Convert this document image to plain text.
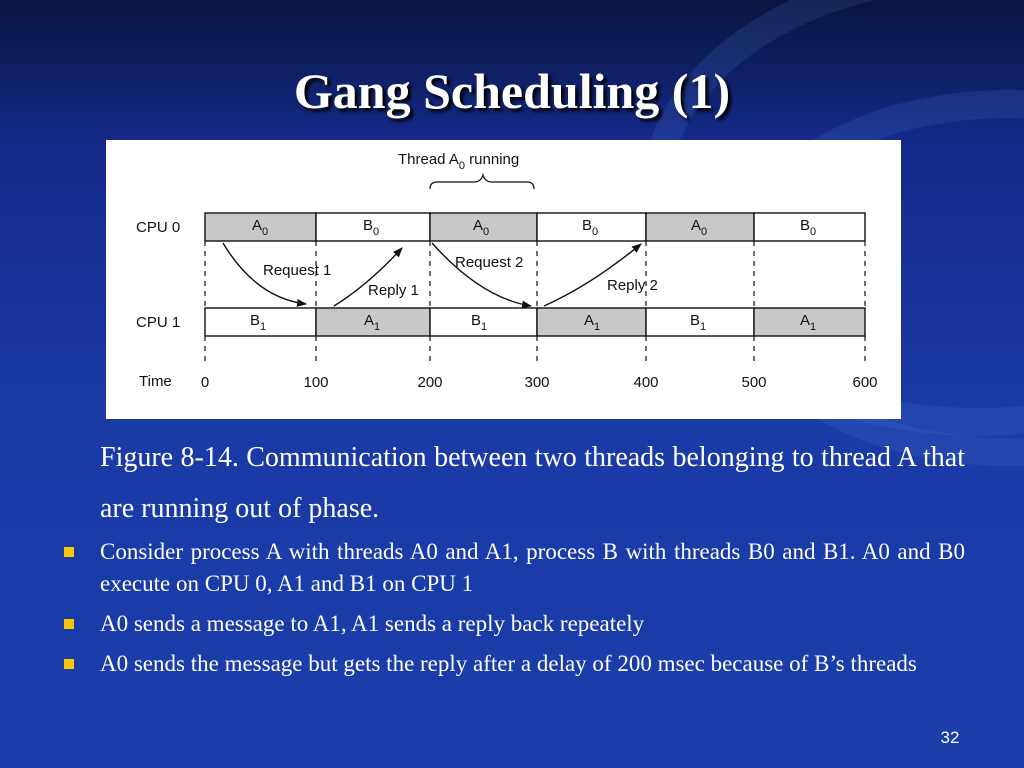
Gang Scheduling (1)
Thread $A_0$ running
CPU 0
CPU 1
$A_0$	$B_0$	$A_0$	$B_0$	$A_0$	$B_0$
$B_1$	$A_1$	$B_1$	$A_1$	$B_1$	$A_1$
Request 1
Reply 1
Request 2
Reply 2
Time 0	100	200	300	400	500	600

Figure 8-14. Communication between two threads belonging to thread A that are running out of phase.

Consider process A with threads A0 and A1, process B with threads B0 and B1. A0 and B0 execute on CPU 0, A1 and B1 on CPU 1
A0 sends a message to A1, A1 sends a reply back repeately
A0 sends the message but gets the reply after a delay of 200 msec because of B’s threads
32
